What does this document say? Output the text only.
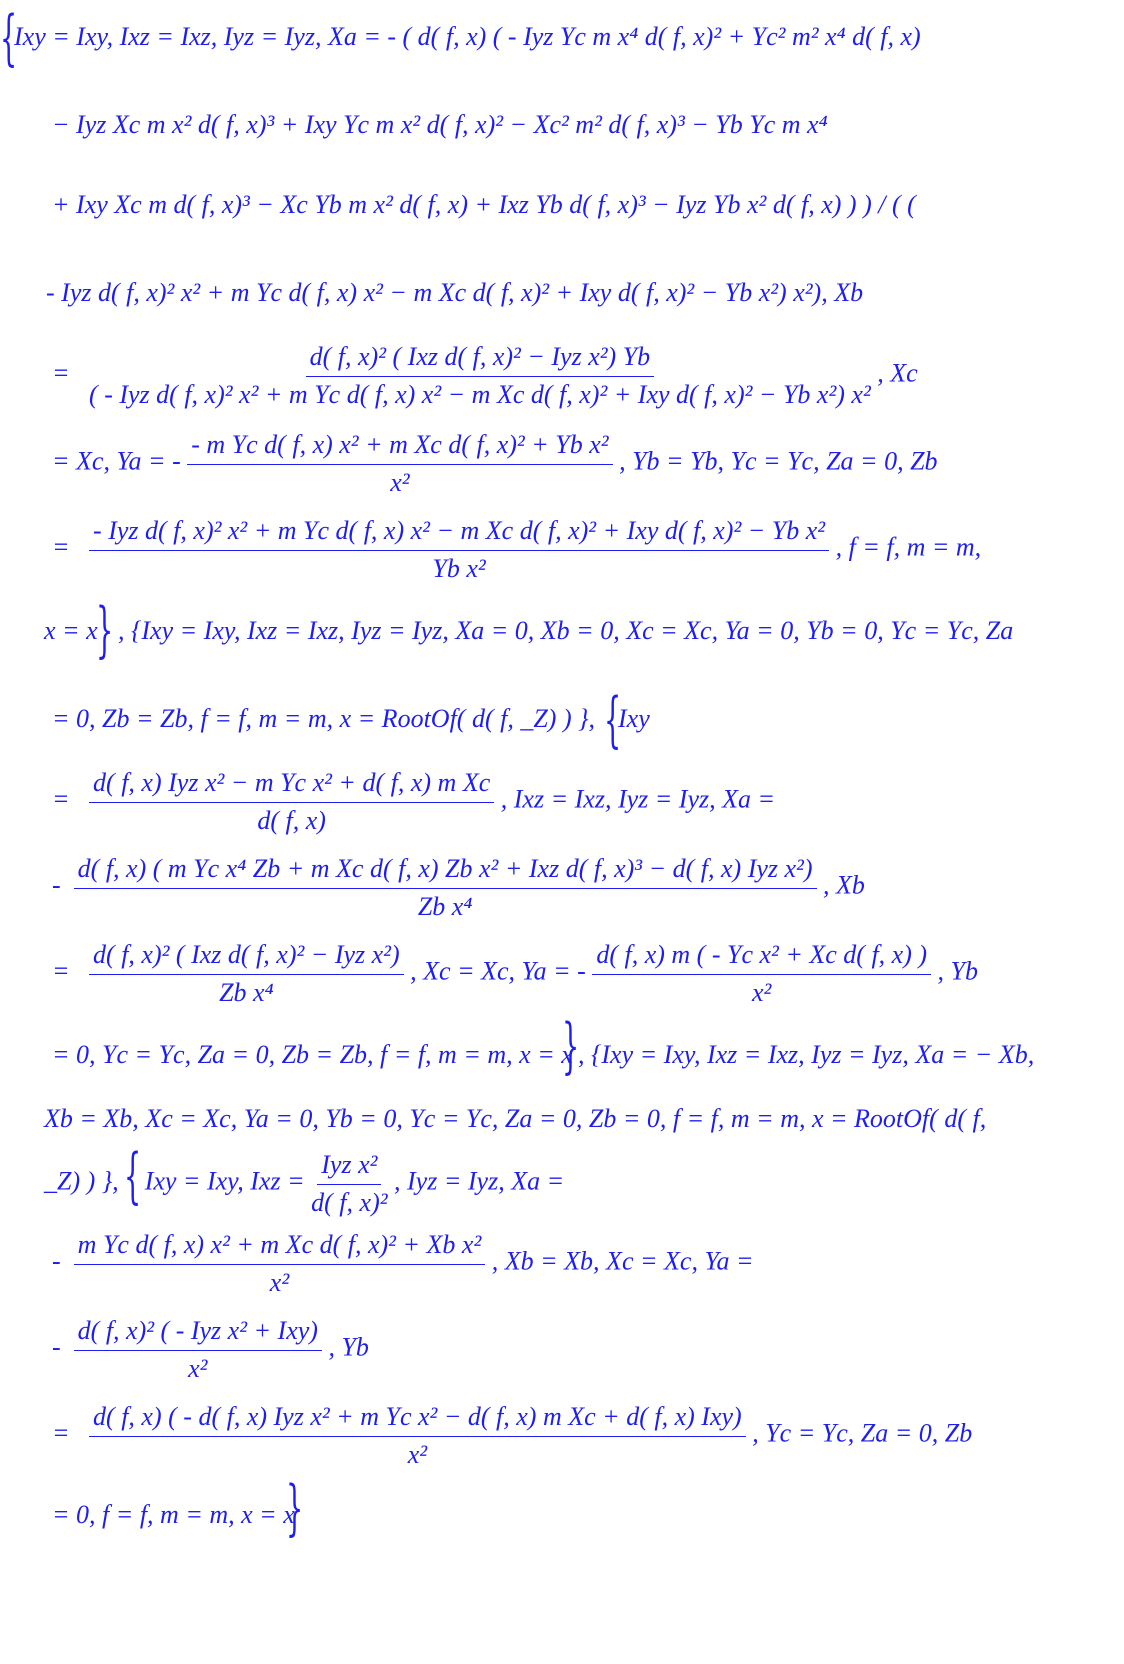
{
}
{
}
{
}
Ixy = Ixy, Ixz = Ixz, Iyz = Iyz, Xa = - ( d( f, x) ( - Iyz Yc m x⁴ d( f, x)² + Yc² m² x⁴ d( f, x)
− Iyz Xc m x² d( f, x)³ + Ixy Yc m x² d( f, x)² − Xc² m² d( f, x)³ − Yb Yc m x⁴
+ Ixy Xc m d( f, x)³ − Xc Yb m x² d( f, x) + Ixz Yb d( f, x)³ − Iyz Yb x² d( f, x) ) ) / ( (
- Iyz d( f, x)² x² + m Yc d( f, x) x² − m Xc d( f, x)² + Ixy d( f, x)² − Yb x²) x²), Xb
=
d( f, x)² ( Ixz d( f, x)² − Iyz x²) Yb
( - Iyz d( f, x)² x² + m Yc d( f, x) x² − m Xc d( f, x)² + Ixy d( f, x)² − Yb x²) x²
, Xc
= Xc, Ya = - $\frac{\text{- m Yc d( f, x) x² + m Xc d( f, x)² + Yb x²}}{\text{x²}}$ , Yb = Yb, Yc = Yc, Za = 0, Zb
=
- Iyz d( f, x)² x² + m Yc d( f, x) x² − m Xc d( f, x)² + Ixy d( f, x)² − Yb x²
Yb x²
, f = f, m = m,
x = x , {Ixy = Ixy, Ixz = Ixz, Iyz = Iyz, Xa = 0, Xb = 0, Xc = Xc, Ya = 0, Yb = 0, Yc = Yc, Za
= 0, Zb = Zb, f = f, m = m, x = RootOf( d( f, _Z) ) }, Ixy
= $\frac{\text{d( f, x) Iyz x² − m Yc x² + d( f, x) m Xc}}{d( f, x)}$ , Ixz = Ixz, Iyz = Iyz, Xa =
-
d( f, x) ( m Yc x⁴ Zb + m Xc d( f, x) Zb x² + Ixz d( f, x)³ − d( f, x) Iyz x²)
Zb x⁴
, Xb
= $\frac{\text{d( f, x)² ( Ixz d( f, x)² − Iyz x²)}}{\text{Zb x⁴}}$ , Xc = Xc, Ya = - $\frac{\text{d( f, x) m ( - Yc x² + Xc d( f, x) )}}{\text{x²}}$ , Yb
= 0, Yc = Yc, Za = 0, Zb = Zb, f = f, m = m, x = x , {Ixy = Ixy, Ixz = Ixz, Iyz = Iyz, Xa = − Xb,
Xb = Xb, Xc = Xc, Ya = 0, Yb = 0, Yc = Yc, Za = 0, Zb = 0, f = f, m = m, x = RootOf( d( f,
_Z) ) }, Ixy = Ixy, Ixz = $\frac{\text{Iyz x²}}{\text{d( f, x)²}}$ , Iyz = Iyz, Xa =
- $\frac{\text{m Yc d( f, x) x² + m Xc d( f, x)² + Xb x²}}{\text{x²}}$ , Xb = Xb, Xc = Xc, Ya =
- $\frac{\text{d( f, x)² ( - Iyz x² + Ixy)}}{\text{x²}}$ , Yb
=
d( f, x) ( - d( f, x) Iyz x² + m Yc x² − d( f, x) m Xc + d( f, x) Ixy)
x²
, Yc = Yc, Za = 0, Zb
= 0, f = f, m = m, x = x
